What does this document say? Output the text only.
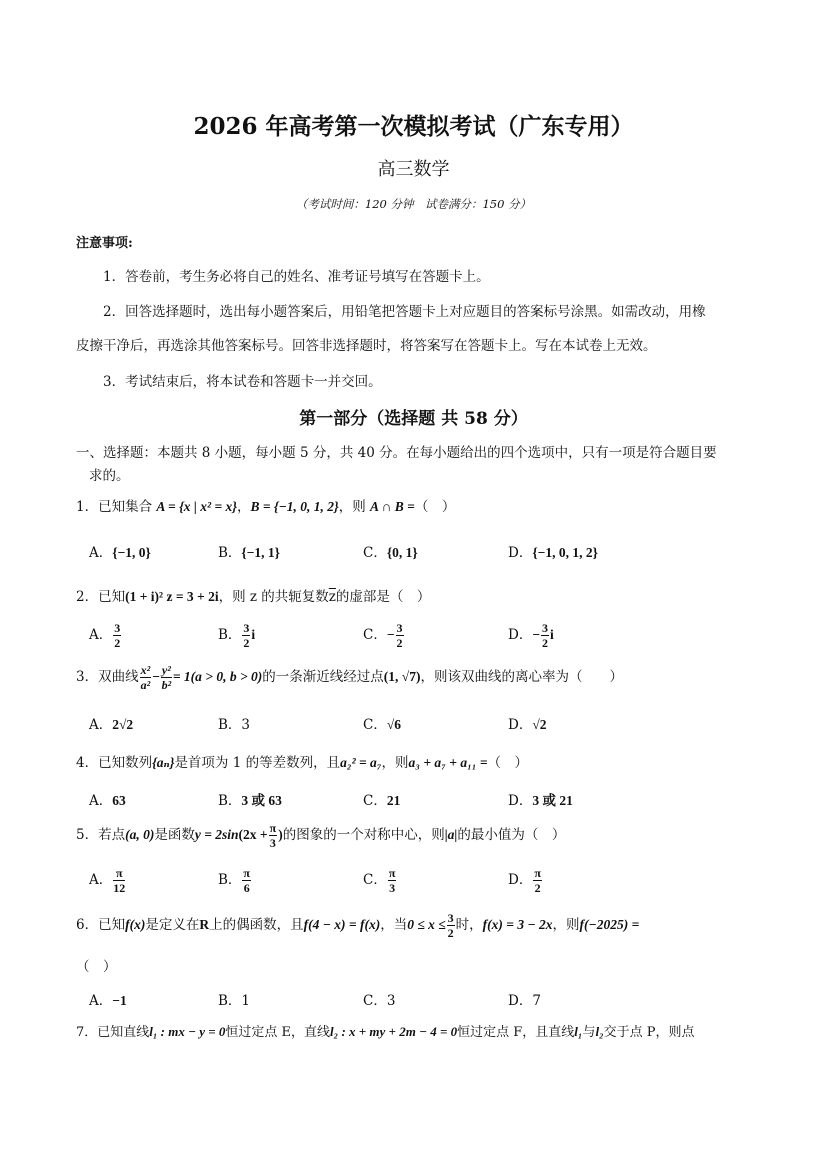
2026 年高考第一次模拟考试（广东专用）
高三数学
（考试时间：120 分钟　试卷满分：150 分）
注意事项:
1．答卷前，考生务必将自己的姓名、准考证号填写在答题卡上。
2．回答选择题时，选出每小题答案后，用铅笔把答题卡上对应题目的答案标号涂黑。如需改动，用橡
皮擦干净后，再选涂其他答案标号。回答非选择题时，将答案写在答题卡上。写在本试卷上无效。
3．考试结束后，将本试卷和答题卡一并交回。
第一部分（选择题 共 58 分）
一、选择题：本题共 8 小题，每小题 5 分，共 40 分。在每小题给出的四个选项中，只有一项是符合题目要
求的。
1．已知集合 A = {x | x² = x}，B = {−1, 0, 1, 2}，则 A ∩ B =（　）
A．{−1, 0}	B．{−1, 1}	C．{0, 1}	D．{−1, 0, 1, 2}
2．已知(1 + i)² z = 3 + 2i，则 z 的共轭复数$\overline{z}$的虚部是（　）
A． $\frac{3}{2}$	B． $\frac{3}{2}$ i	C．− $\frac{3}{2}$	D．− $\frac{3}{2}$ i
3．双曲线 $\frac{\text{x²}}{\text{a²}} - \frac{\text{y²}}{\text{b²}} = 1(a > 0$, b > 0)的一条渐近线经过点(1, √7)，则该双曲线的离心率为（　　）
A．2√2	B．3	C．√6	D．√2
4．已知数列{aₙ}是首项为 1 的等差数列，且a₂² = a₇，则a₃ + a₇ + a₁₁ =（　）
A．63	B．3 或 63	C．21	D．3 或 21
5．若点(a, 0)是函数$y = 2\sin(2x + \frac{\pi}{3}$ )的图象的一个对称中心，则|a|的最小值为（　）
A． $\frac{\pi}{12}$	B． $\frac{\pi}{6}$	C． $\frac{\pi}{3}$	D． $\frac{\pi}{2}$
6．已知f(x)是定义在R上的偶函数，且f(4 − x) = f(x)，当$0 \le x \le \frac{3}{2}$ 时，f(x) = 3 − 2x，则f(−2025) =
（　）
A．−1	B．1	C．3	D．7
7．已知直线l₁ : mx − y = 0恒过定点 E，直线l₂ : x + my + 2m − 4 = 0恒过定点 F，且直线l₁与l₂交于点 P，则点
